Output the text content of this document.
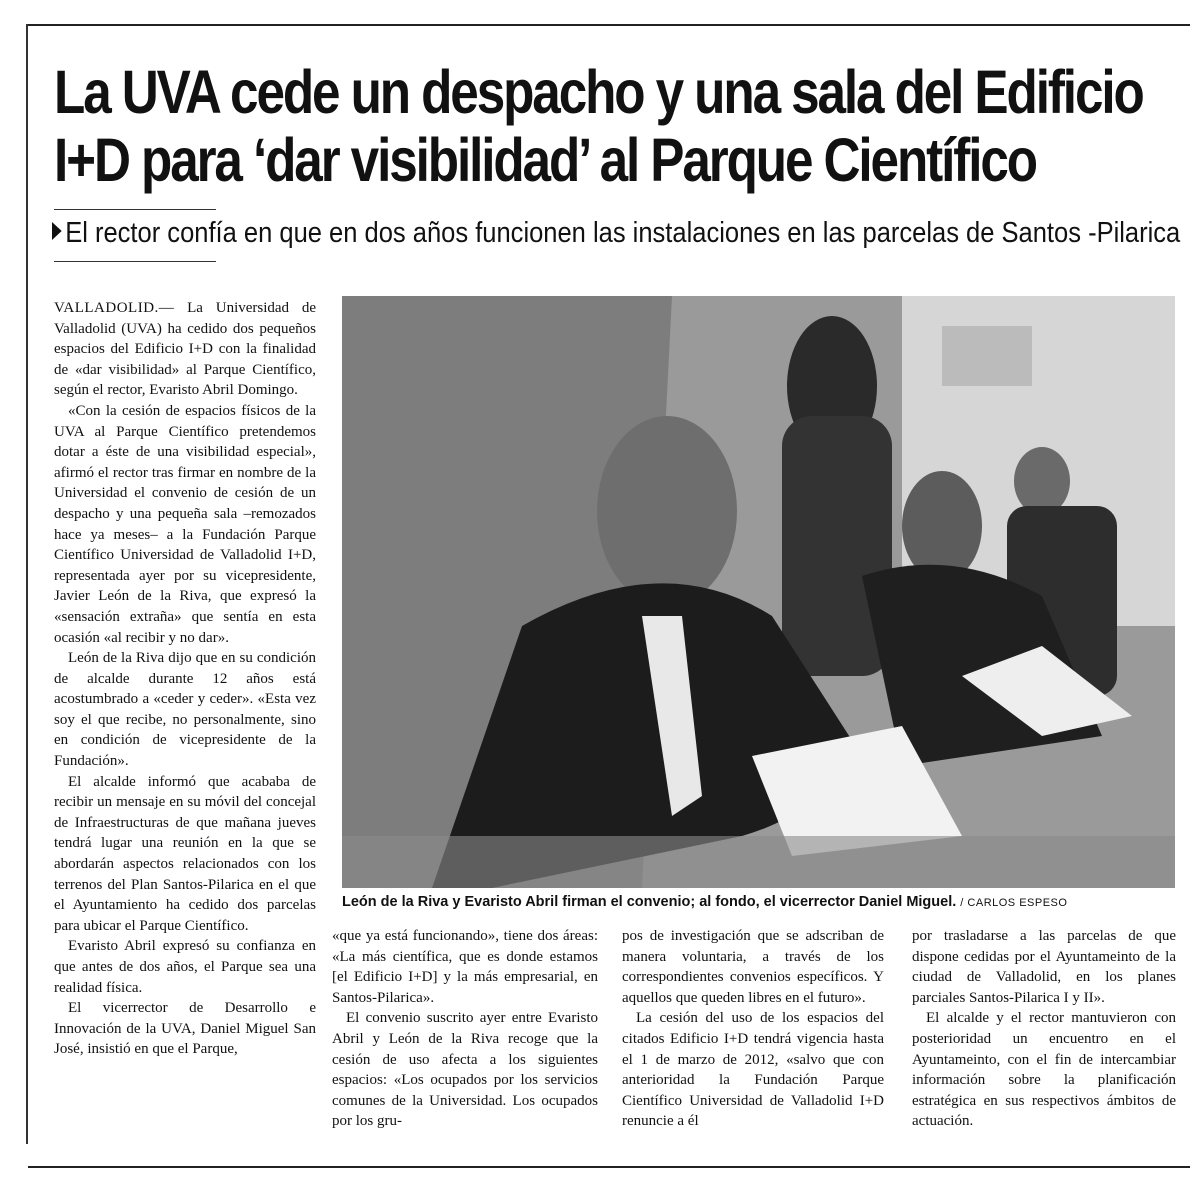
La UVA cede un despacho y una sala del Edificio
I+D para ‘dar visibilidad’ al Parque Científico
El rector confía en que en dos años funcionen las instalaciones en las parcelas de Santos -Pilarica

VALLADOLID.— La Universidad de Valladolid (UVA) ha cedido dos pequeños espacios del Edificio I+D con la finalidad de «dar visibilidad» al Parque Científico, según el rector, Evaristo Abril Domingo.

«Con la cesión de espacios físicos de la UVA al Parque Científico pretendemos dotar a éste de una visibilidad especial», afirmó el rector tras firmar en nombre de la Universidad el convenio de cesión de un despacho y una pequeña sala –remozados hace ya meses– a la Fundación Parque Científico Universidad de Valladolid I+D, representada ayer por su vicepresidente, Javier León de la Riva, que expresó la «sensación extraña» que sentía en esta ocasión «al recibir y no dar».

León de la Riva dijo que en su condición de alcalde durante 12 años está acostumbrado a «ceder y ceder». «Esta vez soy el que recibe, no personalmente, sino en condición de vicepresidente de la Fundación».

El alcalde informó que acababa de recibir un mensaje en su móvil del concejal de Infraestructuras de que mañana jueves tendrá lugar una reunión en la que se abordarán aspectos relacionados con los terrenos del Plan Santos-Pilarica en el que el Ayuntamiento ha cedido dos parcelas para ubicar el Parque Científico.

Evaristo Abril expresó su confianza en que antes de dos años, el Parque sea una realidad física.

El vicerrector de Desarrollo e Innovación de la UVA, Daniel Miguel San José, insistió en que el Parque,

León de la Riva y Evaristo Abril firman el convenio; al fondo, el vicerrector Daniel Miguel. / CARLOS ESPESO

«que ya está funcionando», tiene dos áreas: «La más científica, que es donde estamos [el Edificio I+D] y la más empresarial, en Santos-Pilarica».

El convenio suscrito ayer entre Evaristo Abril y León de la Riva recoge que la cesión de uso afecta a los siguientes espacios: «Los ocupados por los servicios comunes de la Universidad. Los ocupados por los gru-

pos de investigación que se adscriban de manera voluntaria, a través de los correspondientes convenios específicos. Y aquellos que queden libres en el futuro».

La cesión del uso de los espacios del citados Edificio I+D tendrá vigencia hasta el 1 de marzo de 2012, «salvo que con anterioridad la Fundación Parque Científico Universidad de Valladolid I+D renuncie a él

por trasladarse a las parcelas de que dispone cedidas por el Ayuntameinto de la ciudad de Valladolid, en los planes parciales Santos-Pilarica I y II».

El alcalde y el rector mantuvieron con posterioridad un encuentro en el Ayuntameinto, con el fin de intercambiar información sobre la planificación estratégica en sus respectivos ámbitos de actuación.
